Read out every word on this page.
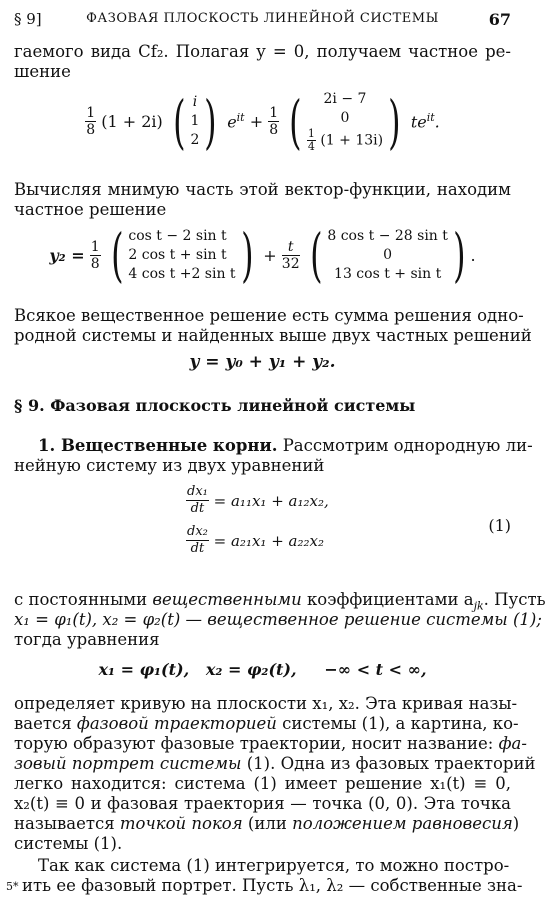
§ 9]	ФАЗОВАЯ ПЛОСКОСТЬ ЛИНЕЙНОЙ СИСТЕМЫ	67
гаемого вида Cf₂. Полагая y = 0, получаем частное ре-
шение
$\frac{1}{8} (1 + 2i)$ ( i
1
2) $e^{it} + \frac{1}{8}$ ( 2i − 7
0

$\frac{1}{4} (1 + 13i)$) $te^{it}$.
Вычисляя мнимую часть этой вектор-функции, находим
частное решение
$y_2 = \frac{1}{8}$ ( cos t − 2 sin t
2 cos t + sin t
4 cos t +2 $\sin t) + \frac{t}{32}$ ( 8 cos t − 28 sin t
0
13 cos t + sin t ) .
Всякое вещественное решение есть сумма решения одно-
родной системы и найденных выше двух частных решений
y = y₀ + y₁ + y₂.
§ 9. Фазовая плоскость линейной системы
1. Вещественные корни. Рассмотрим однородную ли-
нейную систему из двух уравнений
$\frac{\text{dx₁}}{dt} = a_{11}x_1 + a_{12}x_2$,
$\frac{\text{dx₂}}{dt} = a_{21}x_1 + a_{22}x_2$
(1)
с постоянными вещественными коэффициентами $a_{jk}$. Пусть
x₁ = φ₁(t), x₂ = φ₂(t) — вещественное решение системы (1);
тогда уравнения
x₁ = φ₁(t),   x₂ = φ₂(t),     −∞ < t < ∞,
определяет кривую на плоскости x₁, x₂. Эта кривая назы-
вается фазовой траекторией системы (1), а картина, ко-
торую образуют фазовые траектории, носит название: фа-
зовый портрет системы (1). Одна из фазовых траекторий
легко находится: система (1) имеет решение x₁(t) ≡ 0,
x₂(t) ≡ 0 и фазовая траектория — точка (0, 0). Эта точка
называется точкой покоя (или положением равновесия)
системы (1).
Так как система (1) интегрируется, то можно постро-
ить ее фазовый портрет. Пусть λ₁, λ₂ — собственные зна-
5*
